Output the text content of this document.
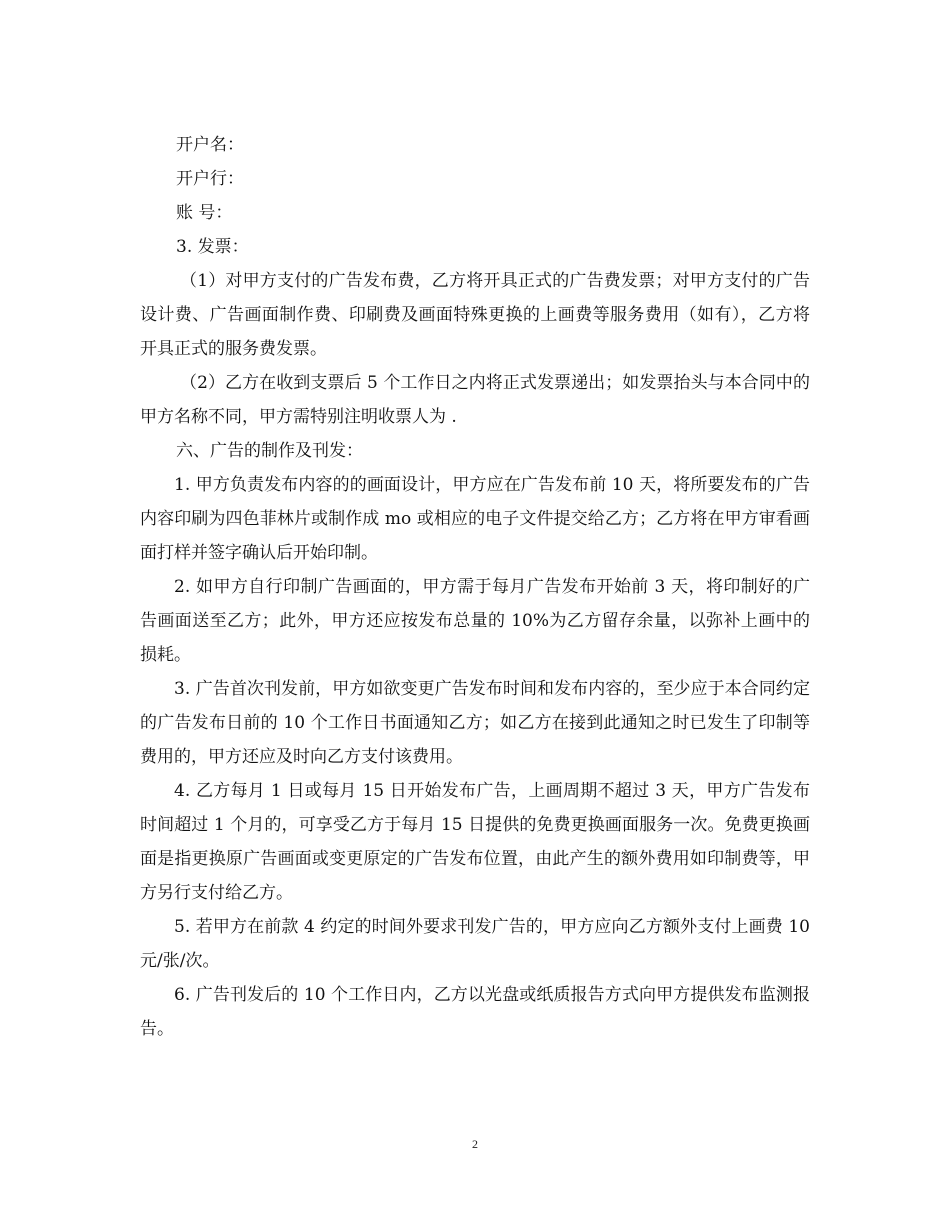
开户名：
开户行：
账 号：
3. 发票：

（1）对甲方支付的广告发布费，乙方将开具正式的广告费发票；对甲方支付的广告设计费、广告画面制作费、印刷费及画面特殊更换的上画费等服务费用（如有），乙方将开具正式的服务费发票。

（2）乙方在收到支票后 5 个工作日之内将正式发票递出；如发票抬头与本合同中的甲方名称不同，甲方需特别注明收票人为 .

六、广告的制作及刊发：

1. 甲方负责发布内容的的画面设计，甲方应在广告发布前 10 天，将所要发布的广告内容印刷为四色菲林片或制作成 mo 或相应的电子文件提交给乙方；乙方将在甲方审看画面打样并签字确认后开始印制。

2. 如甲方自行印制广告画面的，甲方需于每月广告发布开始前 3 天，将印制好的广告画面送至乙方；此外，甲方还应按发布总量的 10%为乙方留存余量，以弥补上画中的损耗。

3. 广告首次刊发前，甲方如欲变更广告发布时间和发布内容的，至少应于本合同约定的广告发布日前的 10 个工作日书面通知乙方；如乙方在接到此通知之时已发生了印制等费用的，甲方还应及时向乙方支付该费用。

4. 乙方每月 1 日或每月 15 日开始发布广告，上画周期不超过 3 天，甲方广告发布时间超过 1 个月的，可享受乙方于每月 15 日提供的免费更换画面服务一次。免费更换画面是指更换原广告画面或变更原定的广告发布位置，由此产生的额外费用如印制费等，甲方另行支付给乙方。

5. 若甲方在前款 4 约定的时间外要求刊发广告的，甲方应向乙方额外支付上画费 10 元/张/次。

6. 广告刊发后的 10 个工作日内，乙方以光盘或纸质报告方式向甲方提供发布监测报告。

2
